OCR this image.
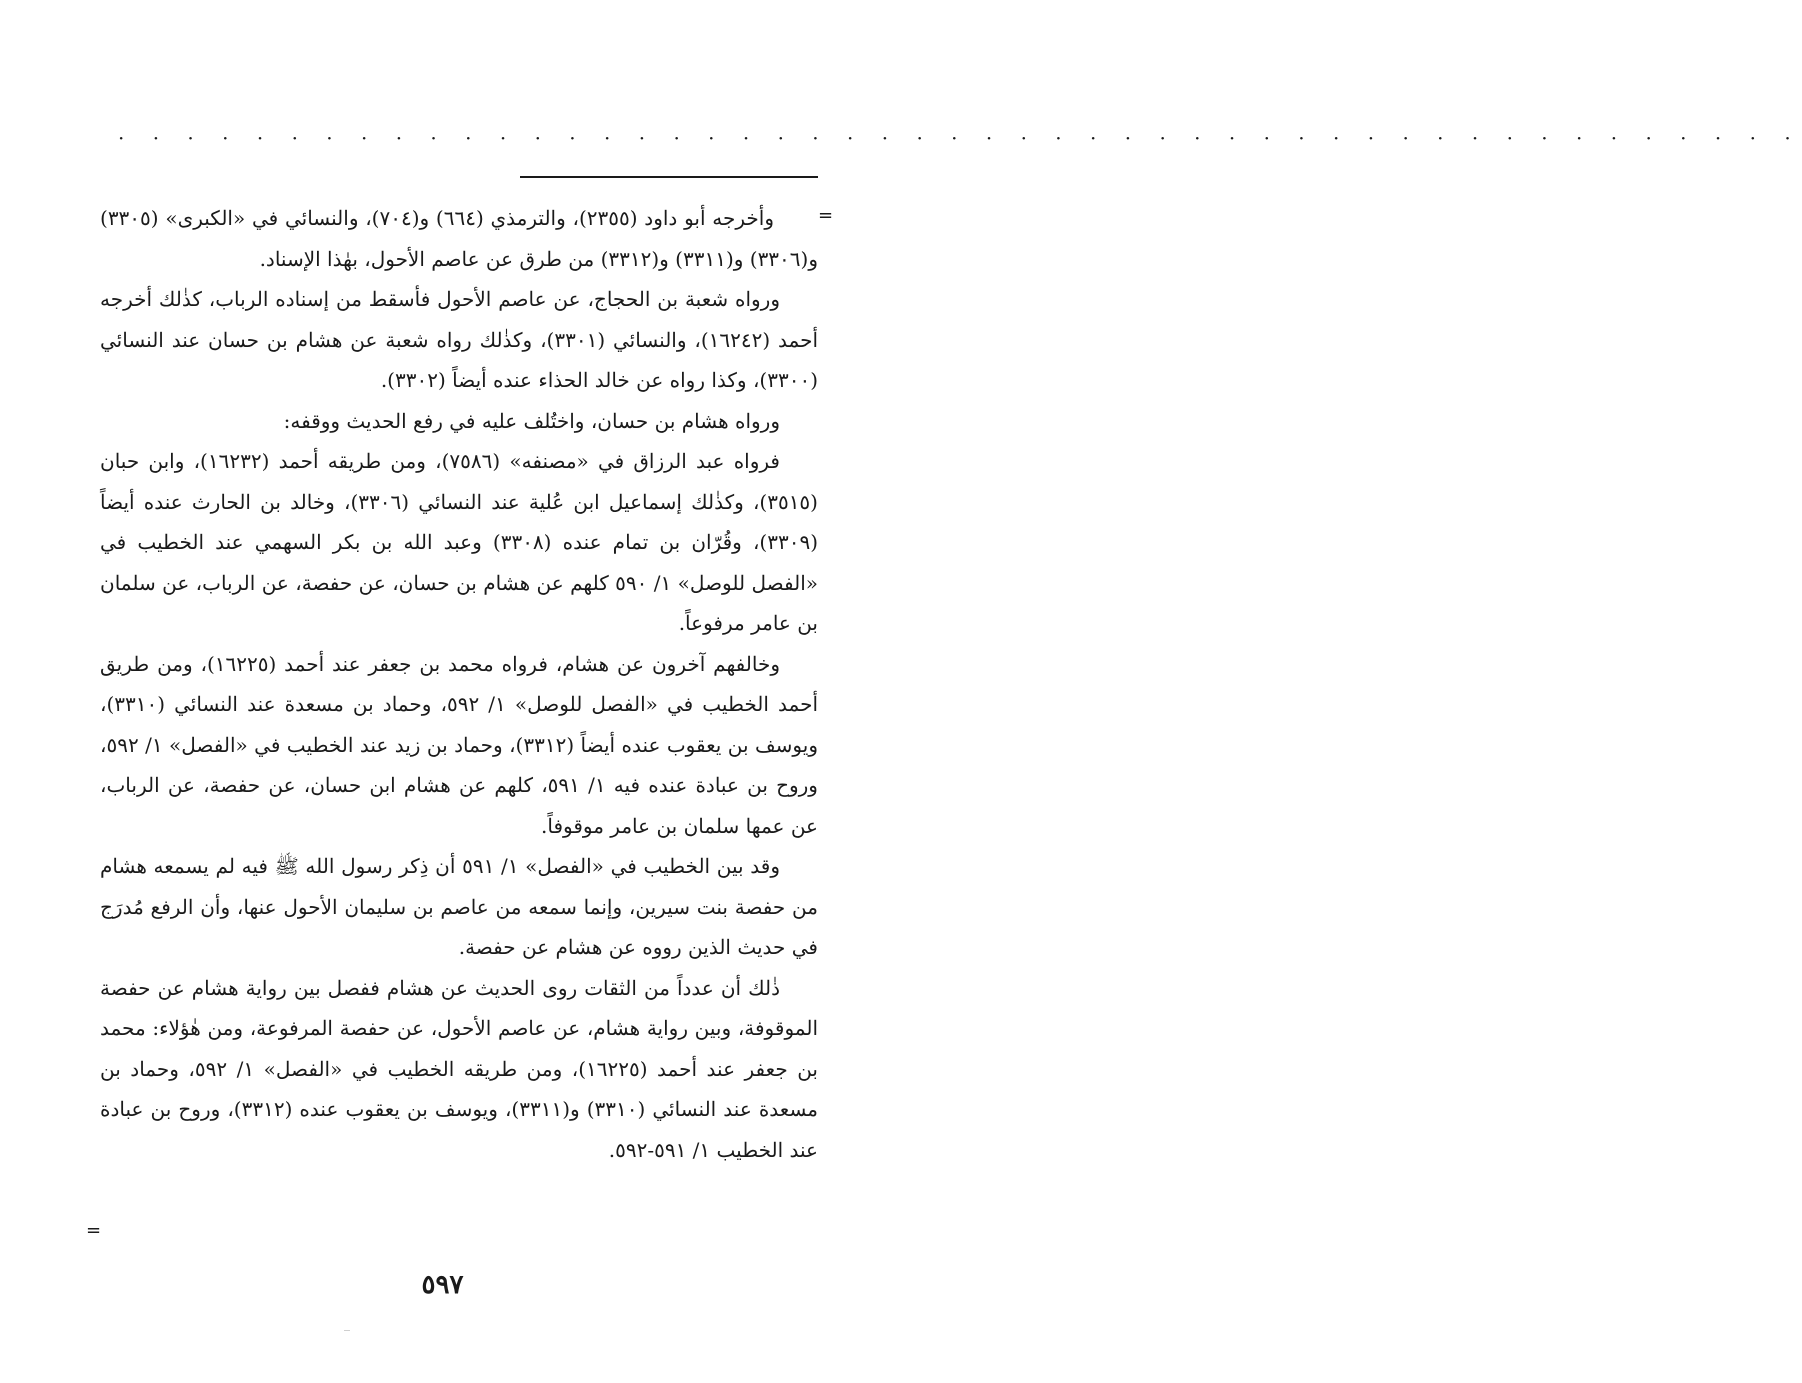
· · · · · · · · · · · · · · · · · · · · · · · · · · · · · · · · · · · · · · · · · · · · · · · · ·
=

وأخرجه أبو داود (٢٣٥٥)، والترمذي (٦٦٤) و(٧٠٤)، والنسائي في «الكبرى» (٣٣٠٥) و(٣٣٠٦) و(٣٣١١) و(٣٣١٢) من طرق عن عاصم الأحول، بهٰذا الإسناد.

ورواه شعبة بن الحجاج، عن عاصم الأحول فأسقط من إسناده الرباب، كذٰلك أخرجه أحمد (١٦٢٤٢)، والنسائي (٣٣٠١)، وكذٰلك رواه شعبة عن هشام بن حسان عند النسائي (٣٣٠٠)، وكذا رواه عن خالد الحذاء عنده أيضاً (٣٣٠٢).

ورواه هشام بن حسان، واختُلف عليه في رفع الحديث ووقفه:

فرواه عبد الرزاق في «مصنفه» (٧٥٨٦)، ومن طريقه أحمد (١٦٢٣٢)، وابن حبان (٣٥١٥)، وكذٰلك إسماعيل ابن عُلية عند النسائي (٣٣٠٦)، وخالد بن الحارث عنده أيضاً (٣٣٠٩)، وقُرّان بن تمام عنده (٣٣٠٨) وعبد الله بن بكر السهمي عند الخطيب في «الفصل للوصل» ١/ ٥٩٠ كلهم عن هشام بن حسان، عن حفصة، عن الرباب، عن سلمان بن عامر مرفوعاً.

وخالفهم آخرون عن هشام، فرواه محمد بن جعفر عند أحمد (١٦٢٢٥)، ومن طريق أحمد الخطيب في «الفصل للوصل» ١/ ٥٩٢، وحماد بن مسعدة عند النسائي (٣٣١٠)، ويوسف بن يعقوب عنده أيضاً (٣٣١٢)، وحماد بن زيد عند الخطيب في «الفصل» ١/ ٥٩٢، وروح بن عبادة عنده فيه ١/ ٥٩١، كلهم عن هشام ابن حسان، عن حفصة، عن الرباب، عن عمها سلمان بن عامر موقوفاً.

وقد بين الخطيب في «الفصل» ١/ ٥٩١ أن ذِكر رسول الله ﷺ فيه لم يسمعه هشام من حفصة بنت سيرين، وإنما سمعه من عاصم بن سليمان الأحول عنها، وأن الرفع مُدرَج في حديث الذين رووه عن هشام عن حفصة.

ذٰلك أن عدداً من الثقات روى الحديث عن هشام ففصل بين رواية هشام عن حفصة الموقوفة، وبين رواية هشام، عن عاصم الأحول، عن حفصة المرفوعة، ومن هٰؤلاء: محمد بن جعفر عند أحمد (١٦٢٢٥)، ومن طريقه الخطيب في «الفصل» ١/ ٥٩٢، وحماد بن مسعدة عند النسائي (٣٣١٠) و(٣٣١١)، ويوسف بن يعقوب عنده (٣٣١٢)، وروح بن عبادة عند الخطيب ١/ ٥٩١-٥٩٢.

=
٥٩٧
